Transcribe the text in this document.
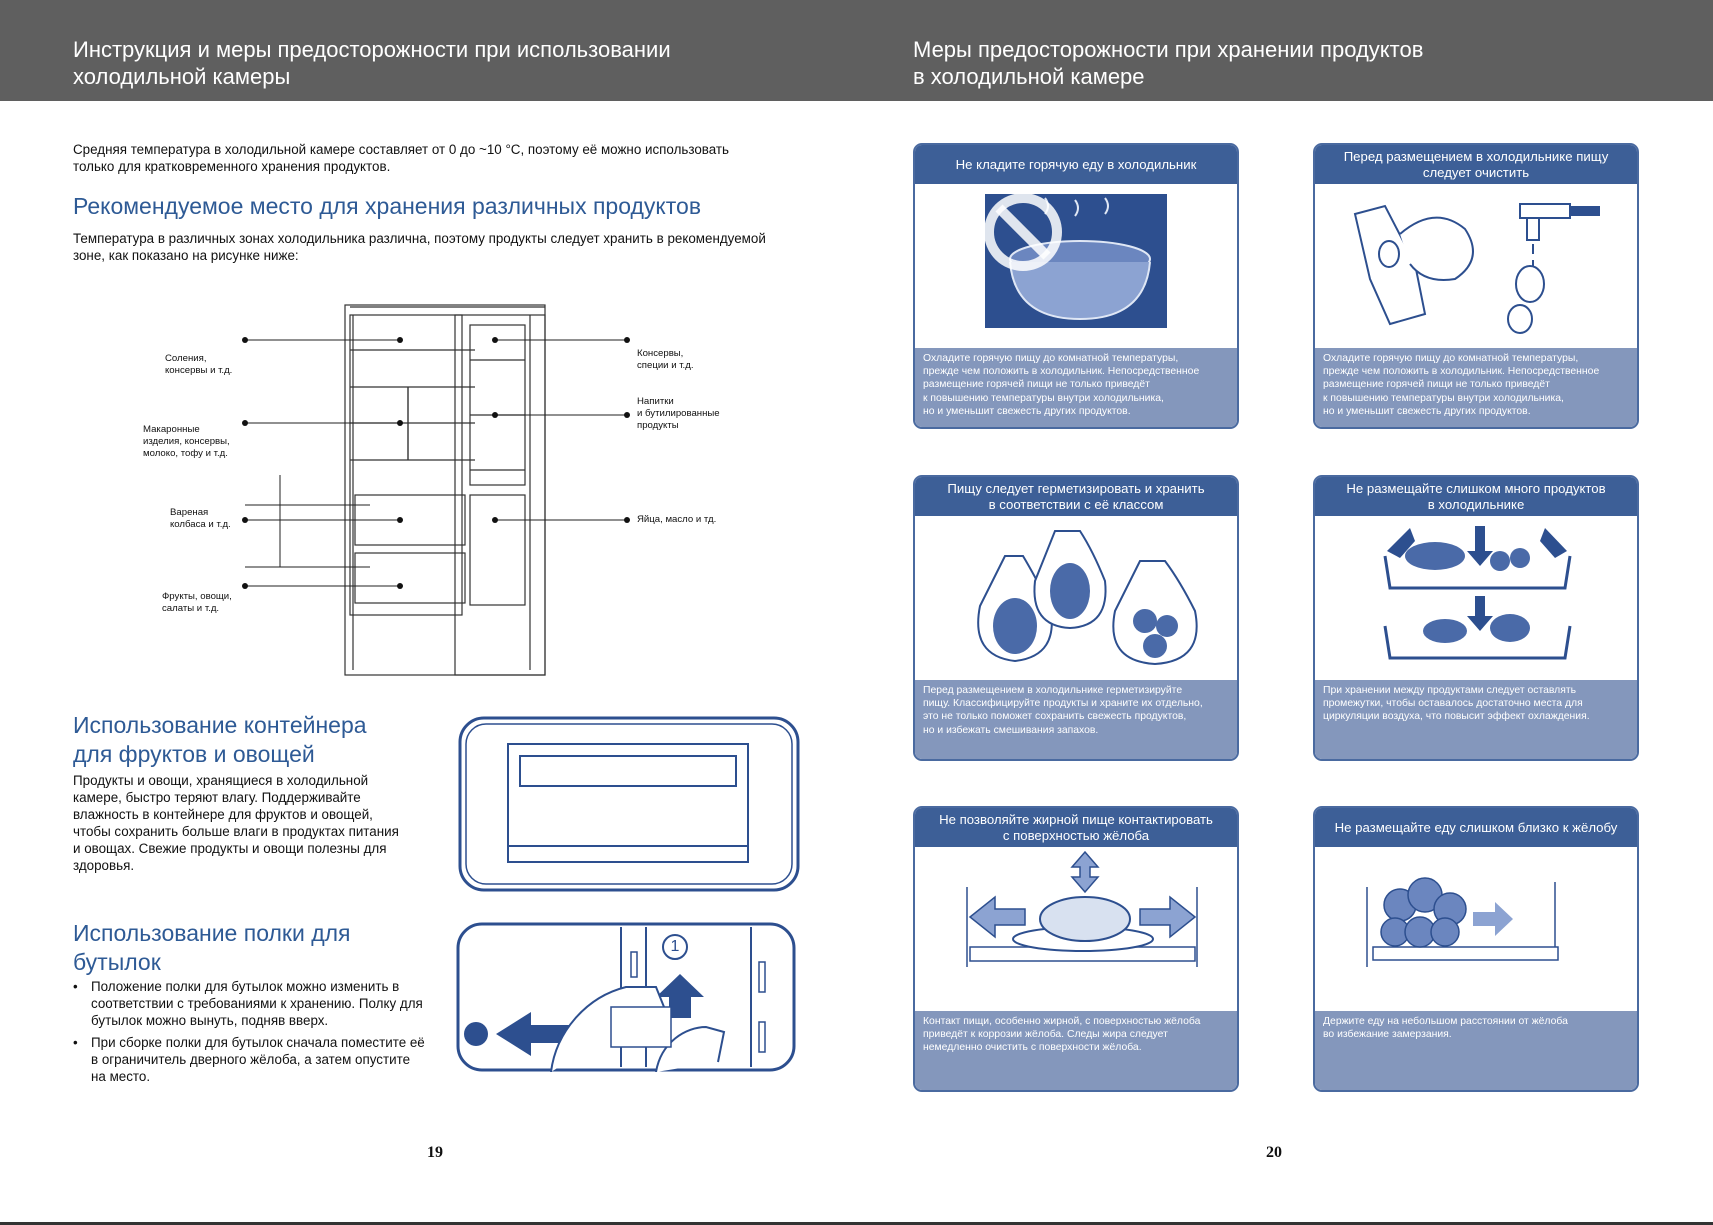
Инструкция и меры предосторожности при использовании
холодильной камеры
Меры предосторожности при хранении продуктов
в холодильной камере
Средняя температура в холодильной камере составляет от 0 до ~10 °С, поэтому её можно использовать
только для кратковременного хранения продуктов.
Рекомендуемое место для хранения различных продуктов
Температура в различных зонах холодильника различна, поэтому продукты следует хранить в рекомендуемой
зоне, как показано на рисунке ниже:
Соления,
консервы и т.д.
Макаронные
изделия, консервы,
молоко, тофу и т.д.
Вареная
колбаса и т.д.
Фрукты, овощи,
салаты и т.д.
Консервы,
специи и т.д.
Напитки
и бутилированные
продукты
Яйца, масло и тд.
Использование контейнера
для фруктов и овощей
Продукты и овощи, хранящиеся в холодильной
камере, быстро теряют влагу. Поддерживайте
влажность в контейнере для фруктов и овощей,
чтобы сохранить больше влаги в продуктах питания
и овощах. Свежие продукты и овощи полезны для
здоровья.
Использование полки для
бутылок
• Положение полки для бутылок можно изменить в соответствии с требованиями к хранению. Полку для бутылок можно вынуть, подняв вверх.
• При сборке полки для бутылок сначала поместите её в ограничитель дверного жёлоба, а затем опустите на место.
1
19
Не кладите горячую еду в холодильник
Охладите горячую пищу до комнатной температуры,
прежде чем положить в холодильник. Непосредственное
размещение горячей пищи не только приведёт
к повышению температуры внутри холодильника,
но и уменьшит свежесть других продуктов.
Перед размещением в холодильнике пищу
следует очистить
Охладите горячую пищу до комнатной температуры,
прежде чем положить в холодильник. Непосредственное
размещение горячей пищи не только приведёт
к повышению температуры внутри холодильника,
но и уменьшит свежесть других продуктов.
Пищу следует герметизировать и хранить
в соответствии с её классом
Перед размещением в холодильнике герметизируйте
пищу. Классифицируйте продукты и храните их отдельно,
это не только поможет сохранить свежесть продуктов,
но и избежать смешивания запахов.
Не размещайте слишком много продуктов
в холодильнике
При хранении между продуктами следует оставлять
промежутки, чтобы оставалось достаточно места для
циркуляции воздуха, что повысит эффект охлаждения.
Не позволяйте жирной пище контактировать
с поверхностью жёлоба
Контакт пищи, особенно жирной, с поверхностью жёлоба
приведёт к коррозии жёлоба. Следы жира следует
немедленно очистить с поверхности жёлоба.
Не размещайте еду слишком близко к жёлобу
Держите еду на небольшом расстоянии от жёлоба
во избежание замерзания.
20
